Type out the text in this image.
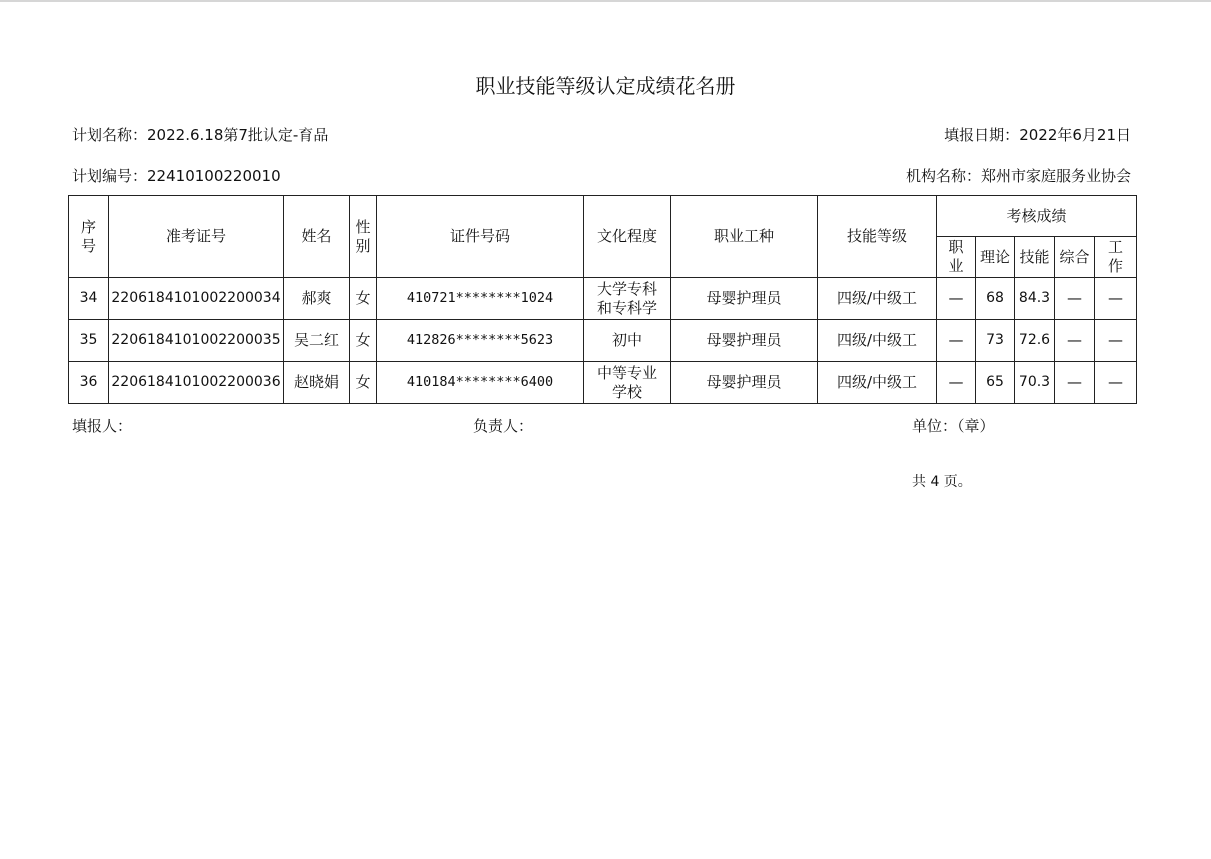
职业技能等级认定成绩花名册
计划名称：2022.6.18第7批认定-育品	填报日期：2022年6月21日
计划编号：22410100220010	机构名称：郑州市家庭服务业协会
序号	准考证号	姓名	性别	证件号码	文化程度	职业工种	技能等级	考核成绩				
								职业	理论	技能	综合	工作
34	2206184101002200034	郝爽	女	410721********1024	大学专科和专科学	母婴护理员	四级/中级工	—	68	84.3	—	—
35	2206184101002200035	吴二红	女	412826********5623	初中	母婴护理员	四级/中级工	—	73	72.6	—	—
36	2206184101002200036	赵晓娟	女	410184********6400	中等专业学校	母婴护理员	四级/中级工	—	65	70.3	—	—
填报人：	负责人：	单位：（章）
共 4 页。
